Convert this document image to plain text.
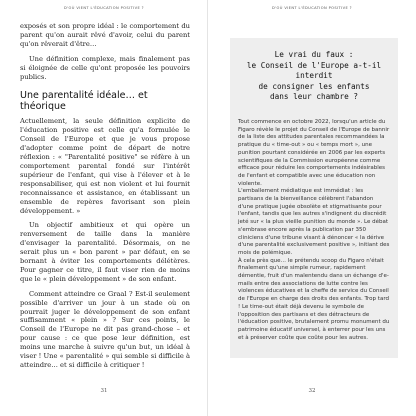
D'OÙ VIENT L'ÉDUCATION POSITIVE ?

exposés et son propre idéal : le comportement du parent qu'on aurait rêvé d'avoir, celui du parent qu'on rêverait d'être…

Une définition complexe, mais finalement pas si éloignée de celle qu'ont proposée les pouvoirs publics.

Une parentalité idéale… et théorique

Actuellement, la seule définition explicite de l'éducation positive est celle qu'a formulée le Conseil de l'Europe et que je vous propose d'adopter comme point de départ de notre réflexion : « "Parentalité positive" se réfère à un comportement parental fondé sur l'intérêt supérieur de l'enfant, qui vise à l'élever et à le responsabiliser, qui est non violent et lui fournit reconnaissance et assistance, en établissant un ensemble de repères favorisant son plein développement. »

Un objectif ambitieux et qui opère un renversement de taille dans la manière d'envisager la parentalité. Désormais, on ne serait plus un « bon parent » par défaut, en se bornant à éviter les comportements délétères. Pour gagner ce titre, il faut viser rien de moins que le « plein développement » de son enfant.

Comment atteindre ce Graal ? Est-il seulement possible d'arriver un jour à un stade où on pourrait juger le développement de son enfant suffisamment « plein » ? Sur ces points, le Conseil de l'Europe ne dit pas grand-chose – et pour cause : ce que pose leur définition, est moins une marche à suivre qu'un but, un idéal à viser ! Une « parentalité » qui semble si difficile à atteindre… et si difficile à critiquer !

31
D'OÙ VIENT L'ÉDUCATION POSITIVE ?
Le vrai du faux :
le Conseil de l'Europe a-t-il interdit
de consigner les enfants
dans leur chambre ?

Tout commence en octobre 2022, lorsqu'un article du Figaro révèle le projet du Conseil de l'Europe de bannir de la liste des attitudes parentales recommandées la pratique du « time-out » ou « temps mort », une punition pourtant considérée en 2006 par les experts scientifiques de la Commission européenne comme efficace pour réduire les comportements indésirables de l'enfant et compatible avec une éducation non violente.

L'emballement médiatique est immédiat : les partisans de la bienveillance célèbrent l'abandon d'une pratique jugée obsolète et stigmatisante pour l'enfant, tandis que les autres s'indignent du discrédit jeté sur « la plus vieille punition du monde ». Le débat s'embrase encore après la publication par 350 cliniciens d'une tribune visant à dénoncer « la dérive d'une parentalité exclusivement positive », initiant des mois de polémique.

À cela près que… le prétendu scoop du Figaro n'était finalement qu'une simple rumeur, rapidement démentie, fruit d'un malentendu dans un échange d'e-mails entre des associations de lutte contre les violences éducatives et la cheffe de service du Conseil de l'Europe en charge des droits des enfants. Trop tard ! Le time-out était déjà devenu le symbole de l'opposition des partisans et des détracteurs de l'éducation positive, brutalement promu monument du patrimoine éducatif universel, à enterrer pour les uns et à préserver coûte que coûte pour les autres.

32
